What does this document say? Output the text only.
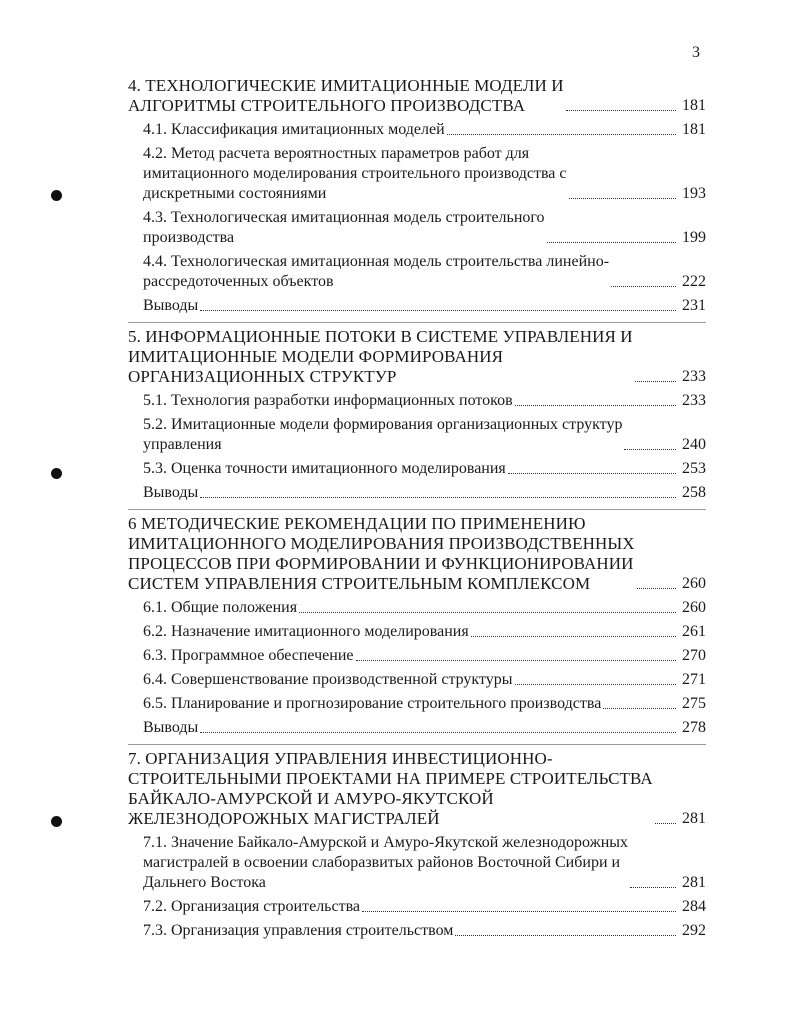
3
4. ТЕХНОЛОГИЧЕСКИЕ ИМИТАЦИОННЫЕ МОДЕЛИ И
АЛГОРИТМЫ СТРОИТЕЛЬНОГО ПРОИЗВОДСТВА	181
4.1. Классификация имитационных моделей	181
4.2. Метод расчета вероятностных параметров работ для
имитационного моделирования строительного производства с
дискретными состояниями	193
4.3. Технологическая имитационная модель строительного
производства	199
4.4. Технологическая имитационная модель строительства линейно-
рассредоточенных объектов	222
Выводы	231
5. ИНФОРМАЦИОННЫЕ ПОТОКИ В СИСТЕМЕ УПРАВЛЕНИЯ И
ИМИТАЦИОННЫЕ МОДЕЛИ ФОРМИРОВАНИЯ
ОРГАНИЗАЦИОННЫХ СТРУКТУР	233
5.1. Технология разработки информационных потоков	233
5.2. Имитационные модели формирования организационных структур
управления	240
5.3. Оценка точности имитационного моделирования	253
Выводы	258
6 МЕТОДИЧЕСКИЕ РЕКОМЕНДАЦИИ ПО ПРИМЕНЕНИЮ
ИМИТАЦИОННОГО МОДЕЛИРОВАНИЯ ПРОИЗВОДСТВЕННЫХ
ПРОЦЕССОВ ПРИ ФОРМИРОВАНИИ И ФУНКЦИОНИРОВАНИИ
СИСТЕМ УПРАВЛЕНИЯ СТРОИТЕЛЬНЫМ КОМПЛЕКСОМ	260
6.1. Общие положения	260
6.2. Назначение имитационного моделирования	261
6.3. Программное обеспечение	270
6.4. Совершенствование производственной структуры	271
6.5. Планирование и прогнозирование строительного производства	275
Выводы	278
7. ОРГАНИЗАЦИЯ УПРАВЛЕНИЯ ИНВЕСТИЦИОННО-
СТРОИТЕЛЬНЫМИ ПРОЕКТАМИ НА ПРИМЕРЕ СТРОИТЕЛЬСТВА
БАЙКАЛО-АМУРСКОЙ И АМУРО-ЯКУТСКОЙ
ЖЕЛЕЗНОДОРОЖНЫХ МАГИСТРАЛЕЙ	281
7.1. Значение Байкало-Амурской и Амуро-Якутской железнодорожных
магистралей в освоении слаборазвитых районов Восточной Сибири и
Дальнего Востока	281
7.2. Организация строительства	284
7.3. Организация управления строительством	292
